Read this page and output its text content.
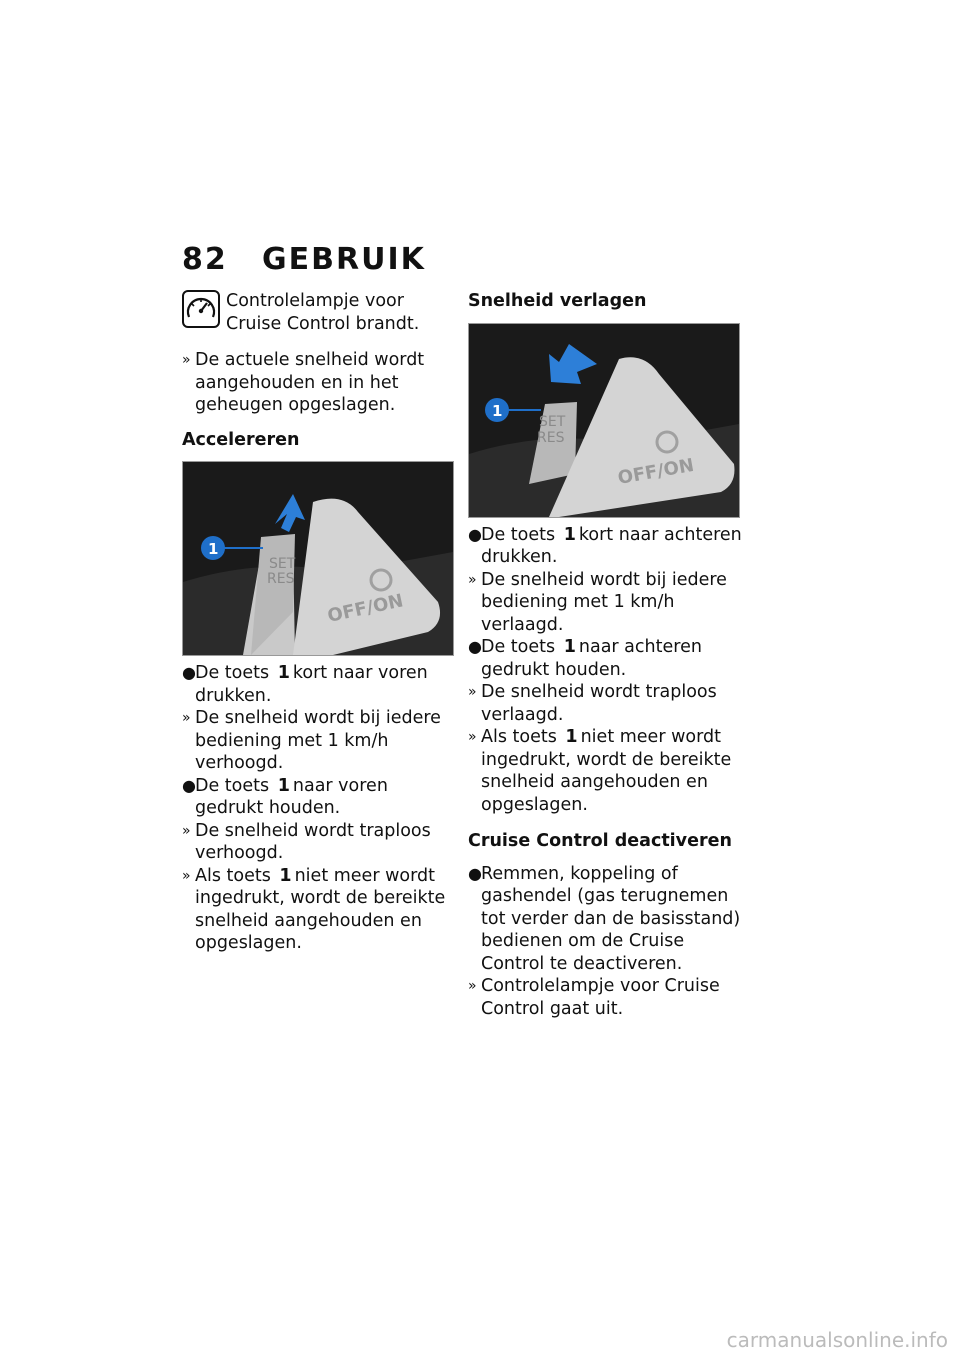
82 GEBRUIK
Controlelampje voor Cruise Control brandt.

» De actuele snelheid wordt aangehouden en in het geheugen opgeslagen.

Accelereren
SET
RES
OFF/ON
1

● De toets 1 kort naar voren drukken.

» De snelheid wordt bij iedere bediening met 1 km/h verhoogd.

● De toets 1 naar voren gedrukt houden.

» De snelheid wordt traploos verhoogd.

» Als toets 1 niet meer wordt ingedrukt, wordt de bereikte snelheid aangehouden en opgeslagen.

Snelheid verlagen
SET
RES
OFF/ON
1

● De toets 1 kort naar achteren drukken.

» De snelheid wordt bij iedere bediening met 1 km/h verlaagd.

● De toets 1 naar achteren gedrukt houden.

» De snelheid wordt traploos verlaagd.

» Als toets 1 niet meer wordt ingedrukt, wordt de bereikte snelheid aangehouden en opgeslagen.

Cruise Control deactiveren

● Remmen, koppeling of gashendel (gas terugnemen tot verder dan de basisstand) bedienen om de Cruise Control te deactiveren.

» Controlelampje voor Cruise Control gaat uit.

carmanualsonline.info
